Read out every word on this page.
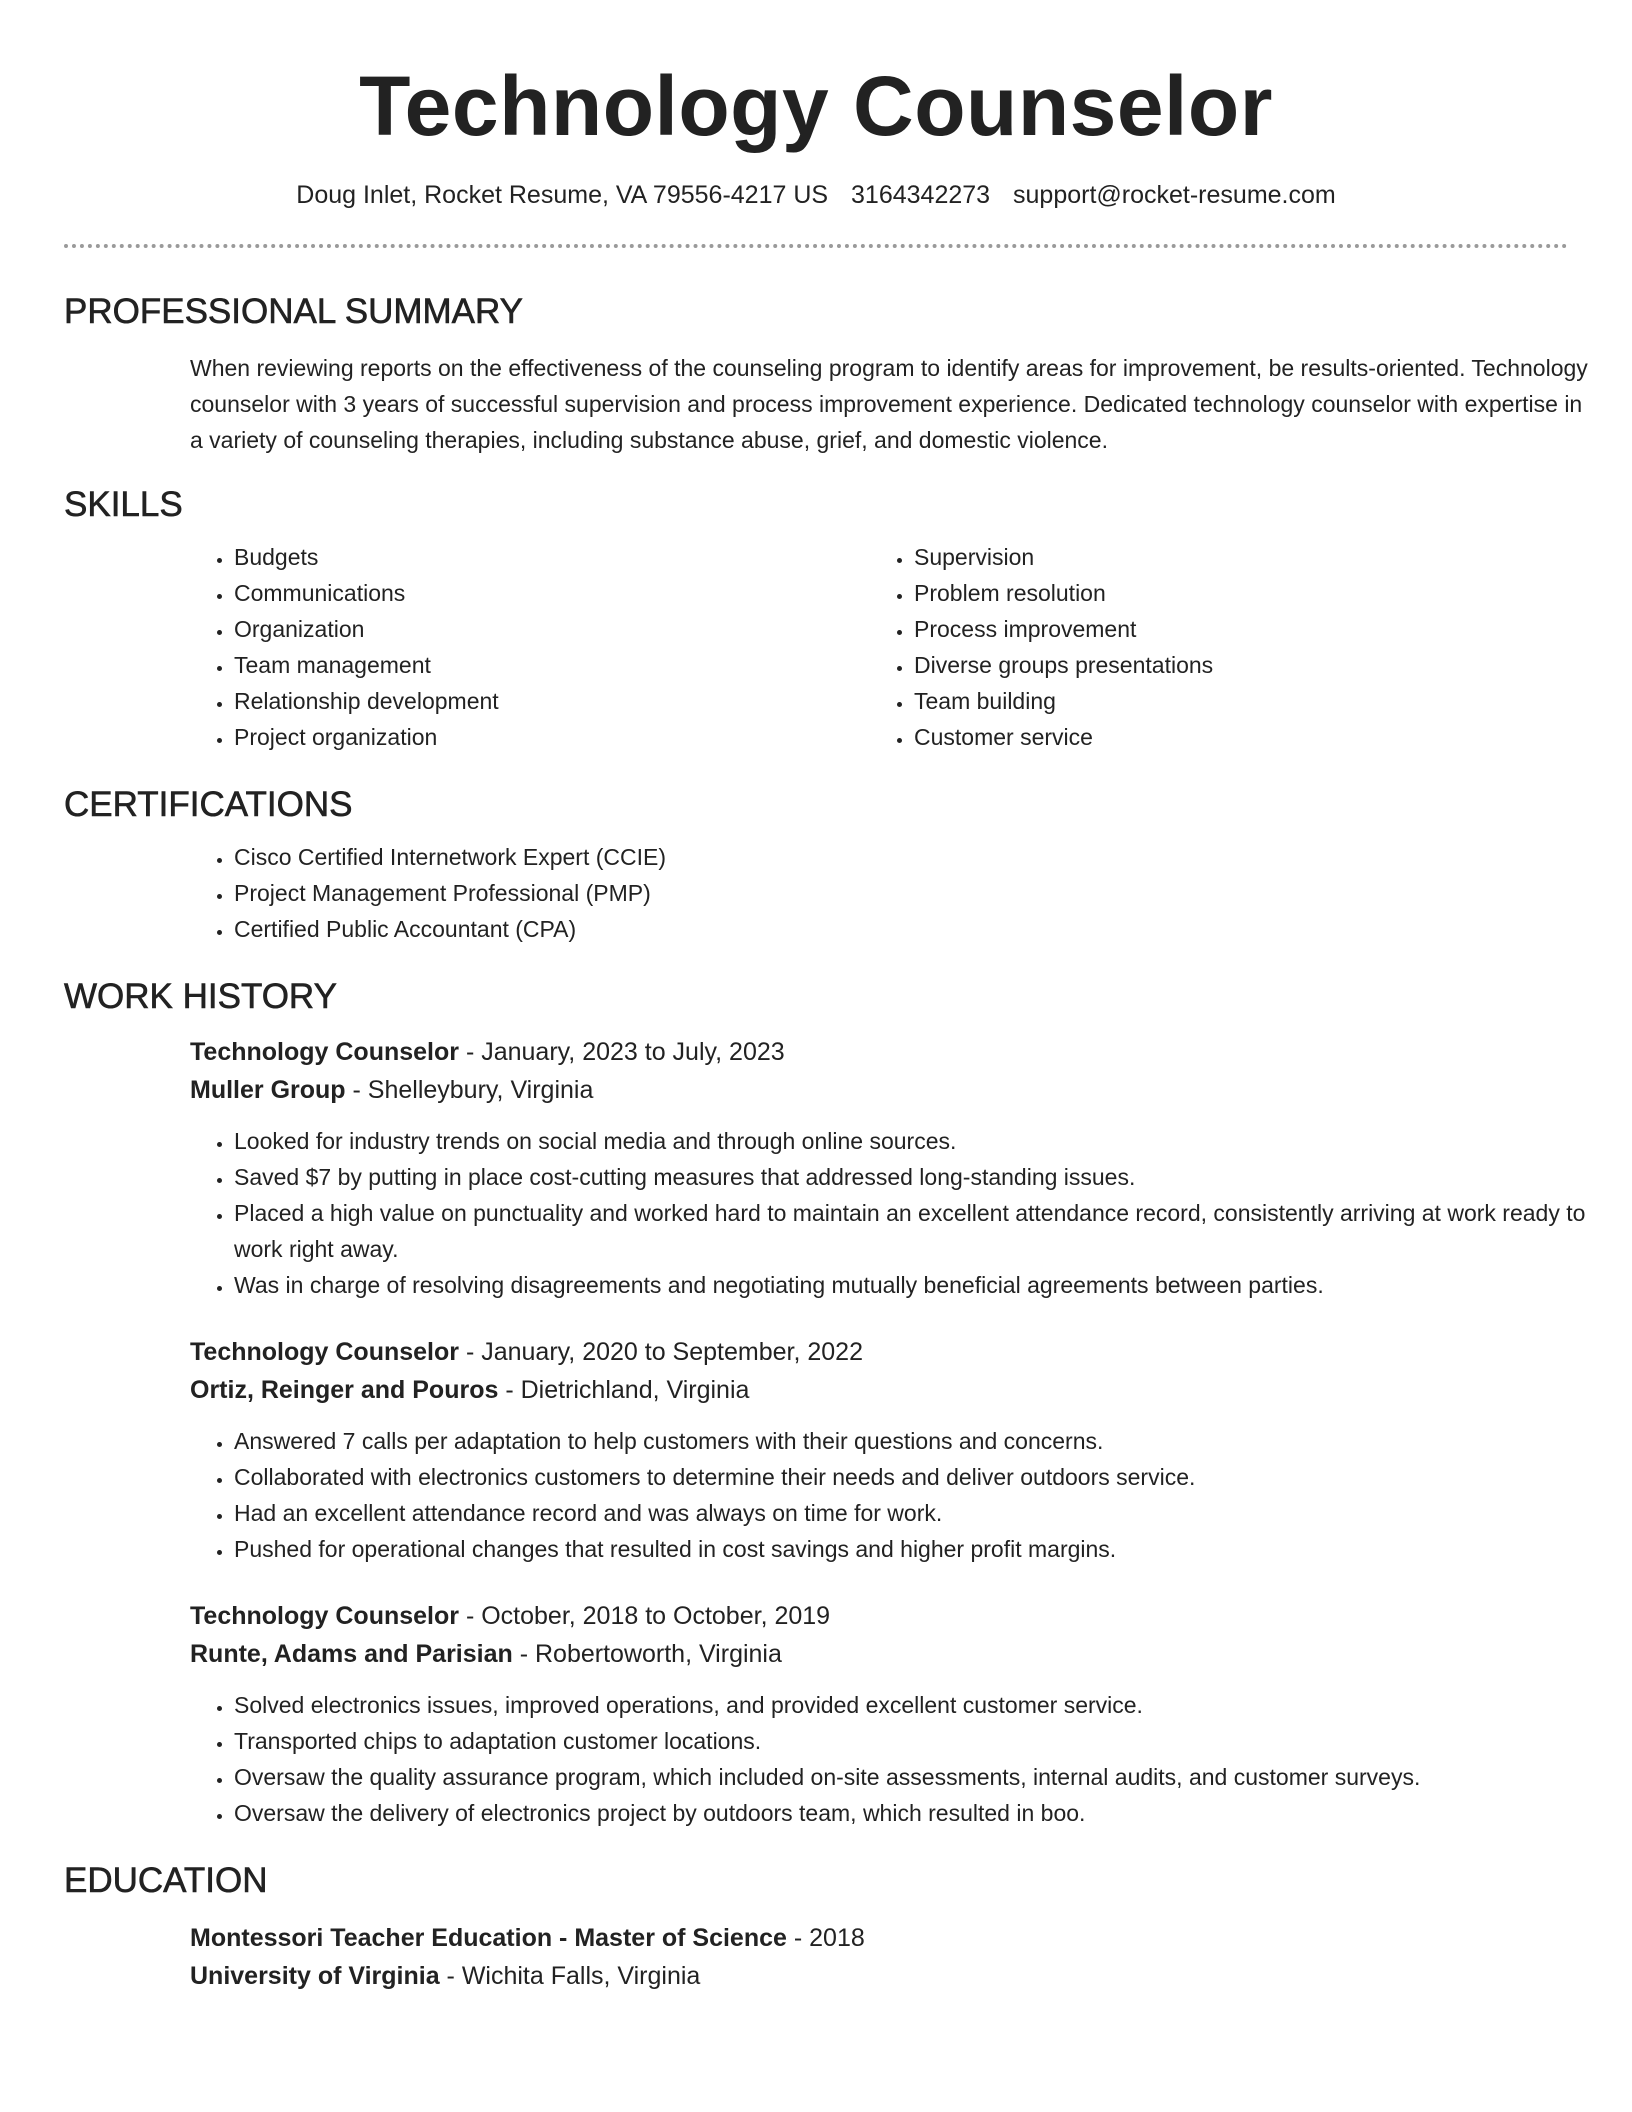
Technology Counselor
Doug Inlet, Rocket Resume, VA 79556-4217 US 3164342273 support@rocket-resume.com
PROFESSIONAL SUMMARY

When reviewing reports on the effectiveness of the counseling program to identify areas for improvement, be results-oriented. Technology counselor with 3 years of successful supervision and process improvement experience. Dedicated technology counselor with expertise in a variety of counseling therapies, including substance abuse, grief, and domestic violence.

SKILLS
• Budgets
• Communications
• Organization
• Team management
• Relationship development
• Project organization
• Supervision
• Problem resolution
• Process improvement
• Diverse groups presentations
• Team building
• Customer service
CERTIFICATIONS
• Cisco Certified Internetwork Expert (CCIE)
• Project Management Professional (PMP)
• Certified Public Accountant (CPA)
WORK HISTORY
Technology Counselor - January, 2023 to July, 2023
Muller Group - Shelleybury, Virginia
• Looked for industry trends on social media and through online sources.
• Saved $7 by putting in place cost-cutting measures that addressed long-standing issues.
• Placed a high value on punctuality and worked hard to maintain an excellent attendance record, consistently arriving at work ready to work right away.
• Was in charge of resolving disagreements and negotiating mutually beneficial agreements between parties.
Technology Counselor - January, 2020 to September, 2022
Ortiz, Reinger and Pouros - Dietrichland, Virginia
• Answered 7 calls per adaptation to help customers with their questions and concerns.
• Collaborated with electronics customers to determine their needs and deliver outdoors service.
• Had an excellent attendance record and was always on time for work.
• Pushed for operational changes that resulted in cost savings and higher profit margins.
Technology Counselor - October, 2018 to October, 2019
Runte, Adams and Parisian - Robertoworth, Virginia
• Solved electronics issues, improved operations, and provided excellent customer service.
• Transported chips to adaptation customer locations.
• Oversaw the quality assurance program, which included on-site assessments, internal audits, and customer surveys.
• Oversaw the delivery of electronics project by outdoors team, which resulted in boo.
EDUCATION
Montessori Teacher Education - Master of Science - 2018
University of Virginia - Wichita Falls, Virginia
